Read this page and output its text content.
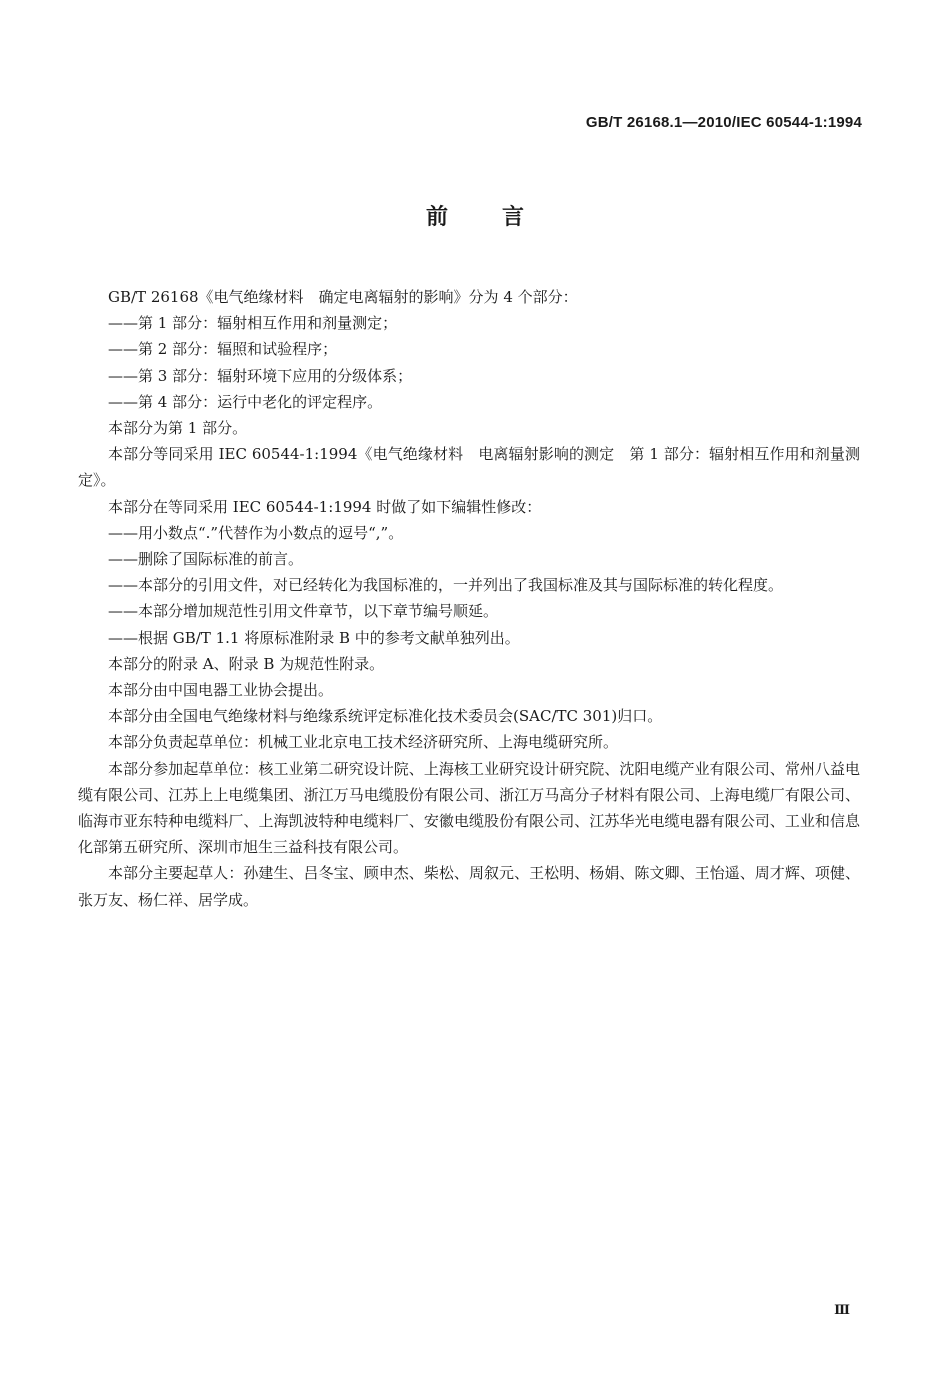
GB/T 26168.1—2010/IEC 60544-1:1994
前言

GB/T 26168《电气绝缘材料　确定电离辐射的影响》分为 4 个部分：

——第 1 部分：辐射相互作用和剂量测定；

——第 2 部分：辐照和试验程序；

——第 3 部分：辐射环境下应用的分级体系；

——第 4 部分：运行中老化的评定程序。

本部分为第 1 部分。

本部分等同采用 IEC 60544-1:1994《电气绝缘材料　电离辐射影响的测定　第 1 部分：辐射相互作用和剂量测定》。

本部分在等同采用 IEC 60544-1:1994 时做了如下编辑性修改：

——用小数点“.”代替作为小数点的逗号“,”。

——删除了国际标准的前言。

——本部分的引用文件，对已经转化为我国标准的，一并列出了我国标准及其与国际标准的转化程度。

——本部分增加规范性引用文件章节，以下章节编号顺延。

——根据 GB/T 1.1 将原标准附录 B 中的参考文献单独列出。

本部分的附录 A、附录 B 为规范性附录。

本部分由中国电器工业协会提出。

本部分由全国电气绝缘材料与绝缘系统评定标准化技术委员会(SAC/TC 301)归口。

本部分负责起草单位：机械工业北京电工技术经济研究所、上海电缆研究所。

本部分参加起草单位：核工业第二研究设计院、上海核工业研究设计研究院、沈阳电缆产业有限公司、常州八益电缆有限公司、江苏上上电缆集团、浙江万马电缆股份有限公司、浙江万马高分子材料有限公司、上海电缆厂有限公司、临海市亚东特种电缆料厂、上海凯波特种电缆料厂、安徽电缆股份有限公司、江苏华光电缆电器有限公司、工业和信息化部第五研究所、深圳市旭生三益科技有限公司。

本部分主要起草人：孙建生、吕冬宝、顾申杰、柴松、周叙元、王松明、杨娟、陈文卿、王怡遥、周才辉、项健、张万友、杨仁祥、居学成。

Ⅲ
